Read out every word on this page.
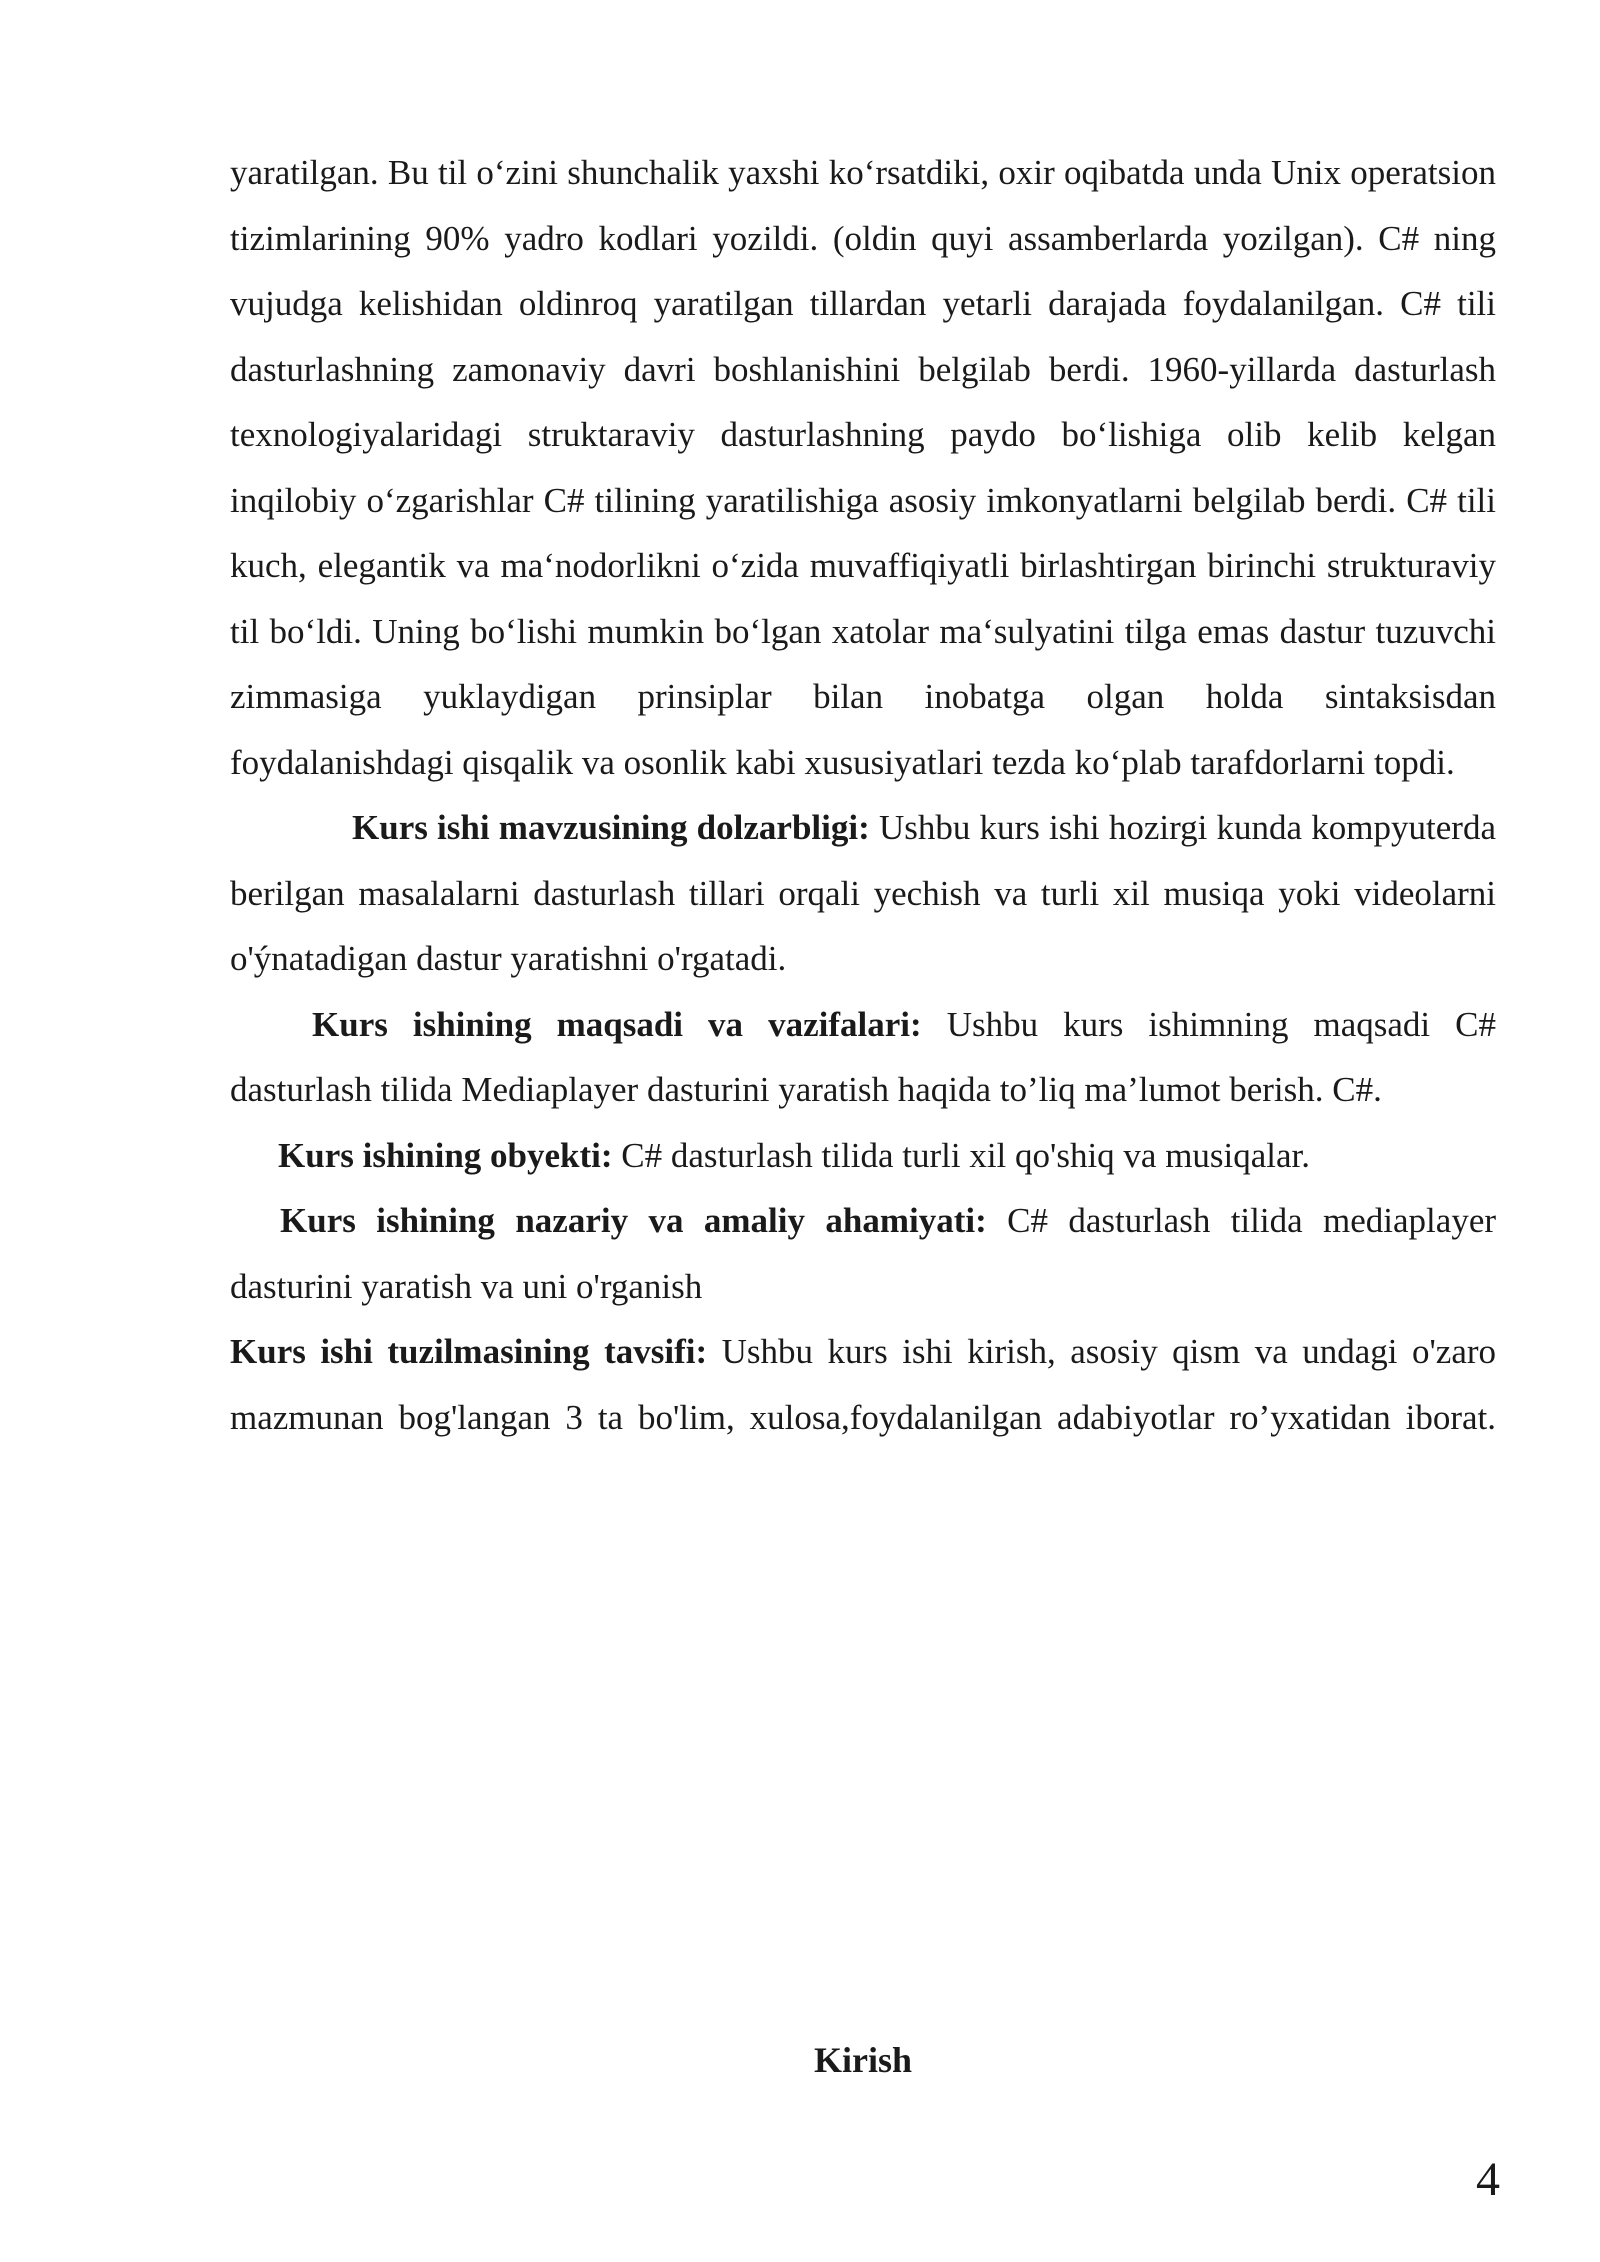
yaratilgan. Bu til o‘zini shunchalik yaxshi ko‘rsatdiki, oxir oqibatda unda Unix operatsion tizimlarining 90% yadro kodlari yozildi. (oldin quyi assamberlarda yozilgan). C# ning vujudga kelishidan oldinroq yaratilgan tillardan yetarli darajada foydalanilgan. C# tili dasturlashning zamonaviy davri boshlanishini belgilab berdi. 1960-yillarda dasturlash texnologiyalaridagi struktaraviy dasturlashning paydo bo‘lishiga olib kelib kelgan inqilobiy o‘zgarishlar C# tilining yaratilishiga asosiy imkonyatlarni belgilab berdi. C# tili kuch, elegantik va ma‘nodorlikni o‘zida muvaffiqiyatli birlashtirgan birinchi strukturaviy til bo‘ldi. Uning bo‘lishi mumkin bo‘lgan xatolar ma‘sulyatini tilga emas dastur tuzuvchi zimmasiga yuklaydigan prinsiplar bilan inobatga olgan holda sintaksisdan foydalanishdagi qisqalik va osonlik kabi xususiyatlari tezda ko‘plab tarafdorlarni topdi.

Kurs ishi mavzusining dolzarbligi: Ushbu kurs ishi hozirgi kunda kompyuterda berilgan masalalarni dasturlash tillari orqali yechish va turli xil musiqa yoki videolarni o'ýnatadigan dastur yaratishni o'rgatadi.

Kurs ishining maqsadi va vazifalari: Ushbu kurs ishimning maqsadi C# dasturlash tilida Mediaplayer dasturini yaratish haqida to’liq ma’lumot berish. C#.

Kurs ishining obyekti: C# dasturlash tilida turli xil qo'shiq va musiqalar.

Kurs ishining nazariy va amaliy ahamiyati: C# dasturlash tilida mediaplayer dasturini yaratish va uni o'rganish

Kurs ishi tuzilmasining tavsifi: Ushbu kurs ishi kirish, asosiy qism va undagi o'zaro mazmunan bog'langan 3 ta bo'lim, xulosa,foydalanilgan adabiyotlar ro’yxatidan iborat.

Kirish
4
